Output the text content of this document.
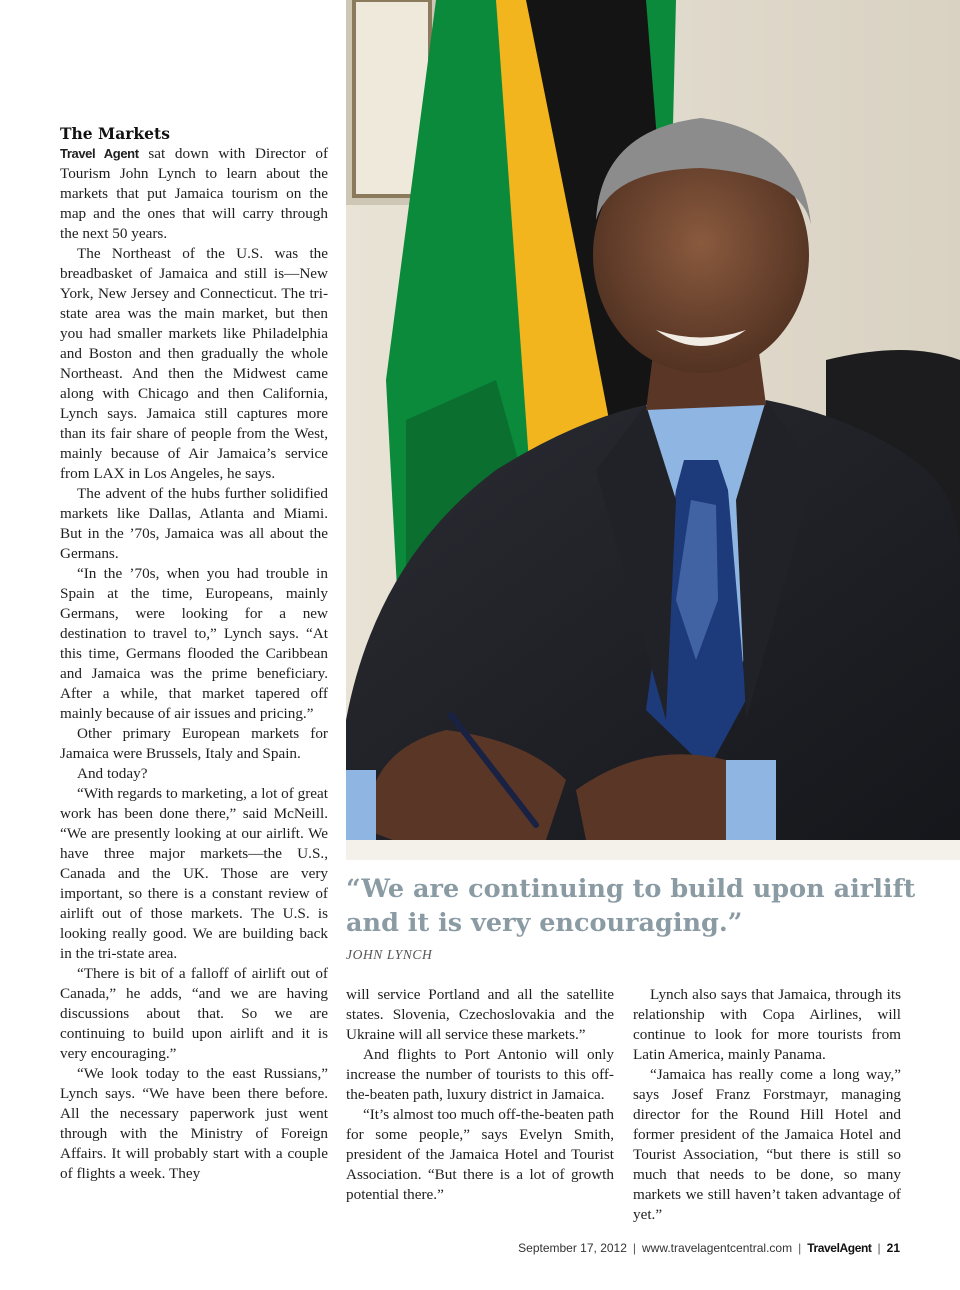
The Markets

Travel Agent sat down with Director of Tourism John Lynch to learn about the markets that put Jamaica tourism on the map and the ones that will carry through the next 50 years.

The Northeast of the U.S. was the breadbasket of Jamaica and still is—New York, New Jersey and Connecticut. The tri-state area was the main market, but then you had smaller markets like Philadelphia and Boston and then gradually the whole Northeast. And then the Midwest came along with Chicago and then California, Lynch says. Jamaica still captures more than its fair share of people from the West, mainly because of Air Jamaica’s service from LAX in Los Angeles, he says.

The advent of the hubs further solidified markets like Dallas, Atlanta and Miami. But in the ’70s, Jamaica was all about the Germans.

“In the ’70s, when you had trouble in Spain at the time, Europeans, mainly Germans, were looking for a new destination to travel to,” Lynch says. “At this time, Germans flooded the Caribbean and Jamaica was the prime beneficiary. After a while, that market tapered off mainly because of air issues and pricing.”

Other primary European markets for Jamaica were Brussels, Italy and Spain.

And today?

“With regards to marketing, a lot of great work has been done there,” said McNeill. “We are presently looking at our airlift. We have three major markets—the U.S., Canada and the UK. Those are very important, so there is a constant review of airlift out of those markets. The U.S. is looking really good. We are building back in the tri-state area.

“There is bit of a falloff of airlift out of Canada,” he adds, “and we are having discussions about that. So we are continuing to build upon airlift and it is very encouraging.”

“We look today to the east Russians,” Lynch says. “We have been there before. All the necessary paperwork just went through with the Ministry of Foreign Affairs. It will probably start with a couple of flights a week. They

“We are continuing to build upon airlift and it is very encouraging.”

JOHN LYNCH

will service Portland and all the satellite states. Slovenia, Czechoslovakia and the Ukraine will all service these markets.”

And flights to Port Antonio will only increase the number of tourists to this off-the-beaten path, luxury district in Jamaica.

“It’s almost too much off-the-beaten path for some people,” says Evelyn Smith, president of the Jamaica Hotel and Tourist Association. “But there is a lot of growth potential there.”

Lynch also says that Jamaica, through its relationship with Copa Airlines, will continue to look for more tourists from Latin America, mainly Panama.

“Jamaica has really come a long way,” says Josef Franz Forstmayr, managing director for the Round Hill Hotel and former president of the Jamaica Hotel and Tourist Association, “but there is still so much that needs to be done, so many markets we still haven’t taken advantage of yet.”

September 17, 2012 | www.travelagentcentral.com | TravelAgent | 21
